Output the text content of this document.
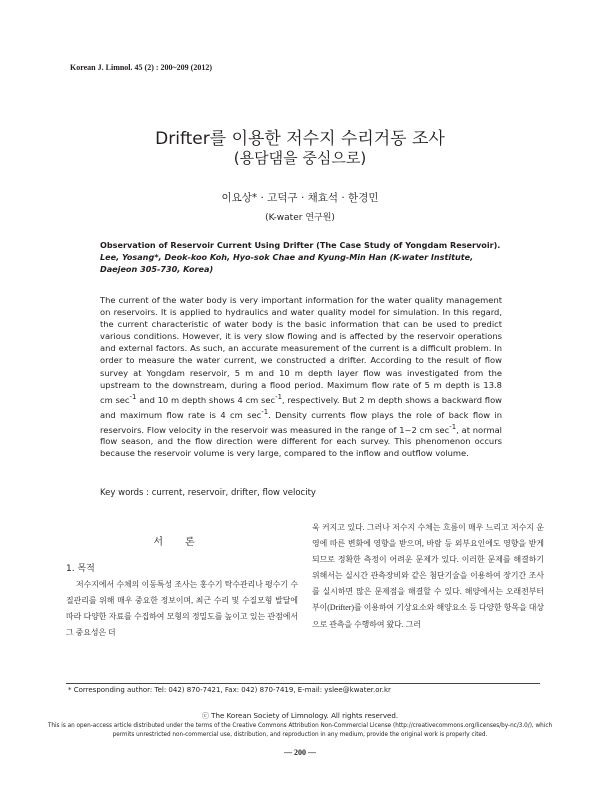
Korean J. Limnol. 45 (2) : 200~209 (2012)
Drifter를 이용한 저수지 수리거동 조사
(용담댐을 중심으로)
이요상* · 고덕구 · 채효석 · 한경민
(K-water 연구원)
Observation of Reservoir Current Using Drifter (The Case Study of Yongdam Reservoir). Lee, Yosang*, Deok-koo Koh, Hyo-sok Chae and Kyung-Min Han (K-water Institute, Daejeon 305-730, Korea)
The current of the water body is very important information for the water quality management on reservoirs. It is applied to hydraulics and water quality model for simulation. In this regard, the current characteristic of water body is the basic information that can be used to predict various conditions. However, it is very slow flowing and is affected by the reservoir operations and external factors. As such, an accurate measurement of the current is a difficult problem. In order to measure the water current, we constructed a drifter. According to the result of flow survey at Yongdam reservoir, 5 m and 10 m depth layer flow was investigated from the upstream to the downstream, during a flood period. Maximum flow rate of 5 m depth is 13.8 cm $\sec^{-1}$ and 10 m depth shows 4 cm $\sec^{-1}$, respectively. But 2 m depth shows a backward flow and maximum flow rate is 4 cm $\sec^{-1}$. Density currents flow plays the role of back flow in reservoirs. Flow velocity in the reservoir was measured in the range of 1~2 cm $\sec^{-1}$, at normal flow season, and the flow direction were different for each survey. This phenomenon occurs because the reservoir volume is very large, compared to the inflow and outflow volume.
Key words : current, reservoir, drifter, flow velocity
서론
1. 목적
저수지에서 수체의 이동특성 조사는 홍수기 탁수관리나 평수기 수질관리를 위해 매우 중요한 정보이며, 최근 수리 및 수질모형 발달에 따라 다양한 자료를 수집하여 모형의 정밀도를 높이고 있는 관점에서 그 중요성은 더
욱 커지고 있다. 그러나 저수지 수체는 흐름이 매우 느리고 저수지 운영에 따른 변화에 영향을 받으며, 바람 등 외부요인에도 영향을 받게 되므로 정확한 측정이 어려운 문제가 있다. 이러한 문제를 해결하기 위해서는 실시간 관측장비와 같은 첨단기술을 이용하여 장기간 조사를 실시하면 많은 문제점을 해결할 수 있다. 해양에서는 오래전부터 부이(Drifter)를 이용하여 기상요소와 해양요소 등 다양한 항목을 대상으로 관측을 수행하여 왔다. 그러
* Corresponding author: Tel: 042) 870-7421, Fax: 042) 870-7419, E-mail: yslee@kwater.or.kr
ⓒ The Korean Society of Limnology. All rights reserved.
This is an open-access article distributed under the terms of the Creative Commons Attribution Non-Commercial License (http://creativecommons.org/licenses/by-nc/3.0/), which permits unrestricted non-commercial use, distribution, and reproduction in any medium, provide the original work is properly cited.
— 200 —
